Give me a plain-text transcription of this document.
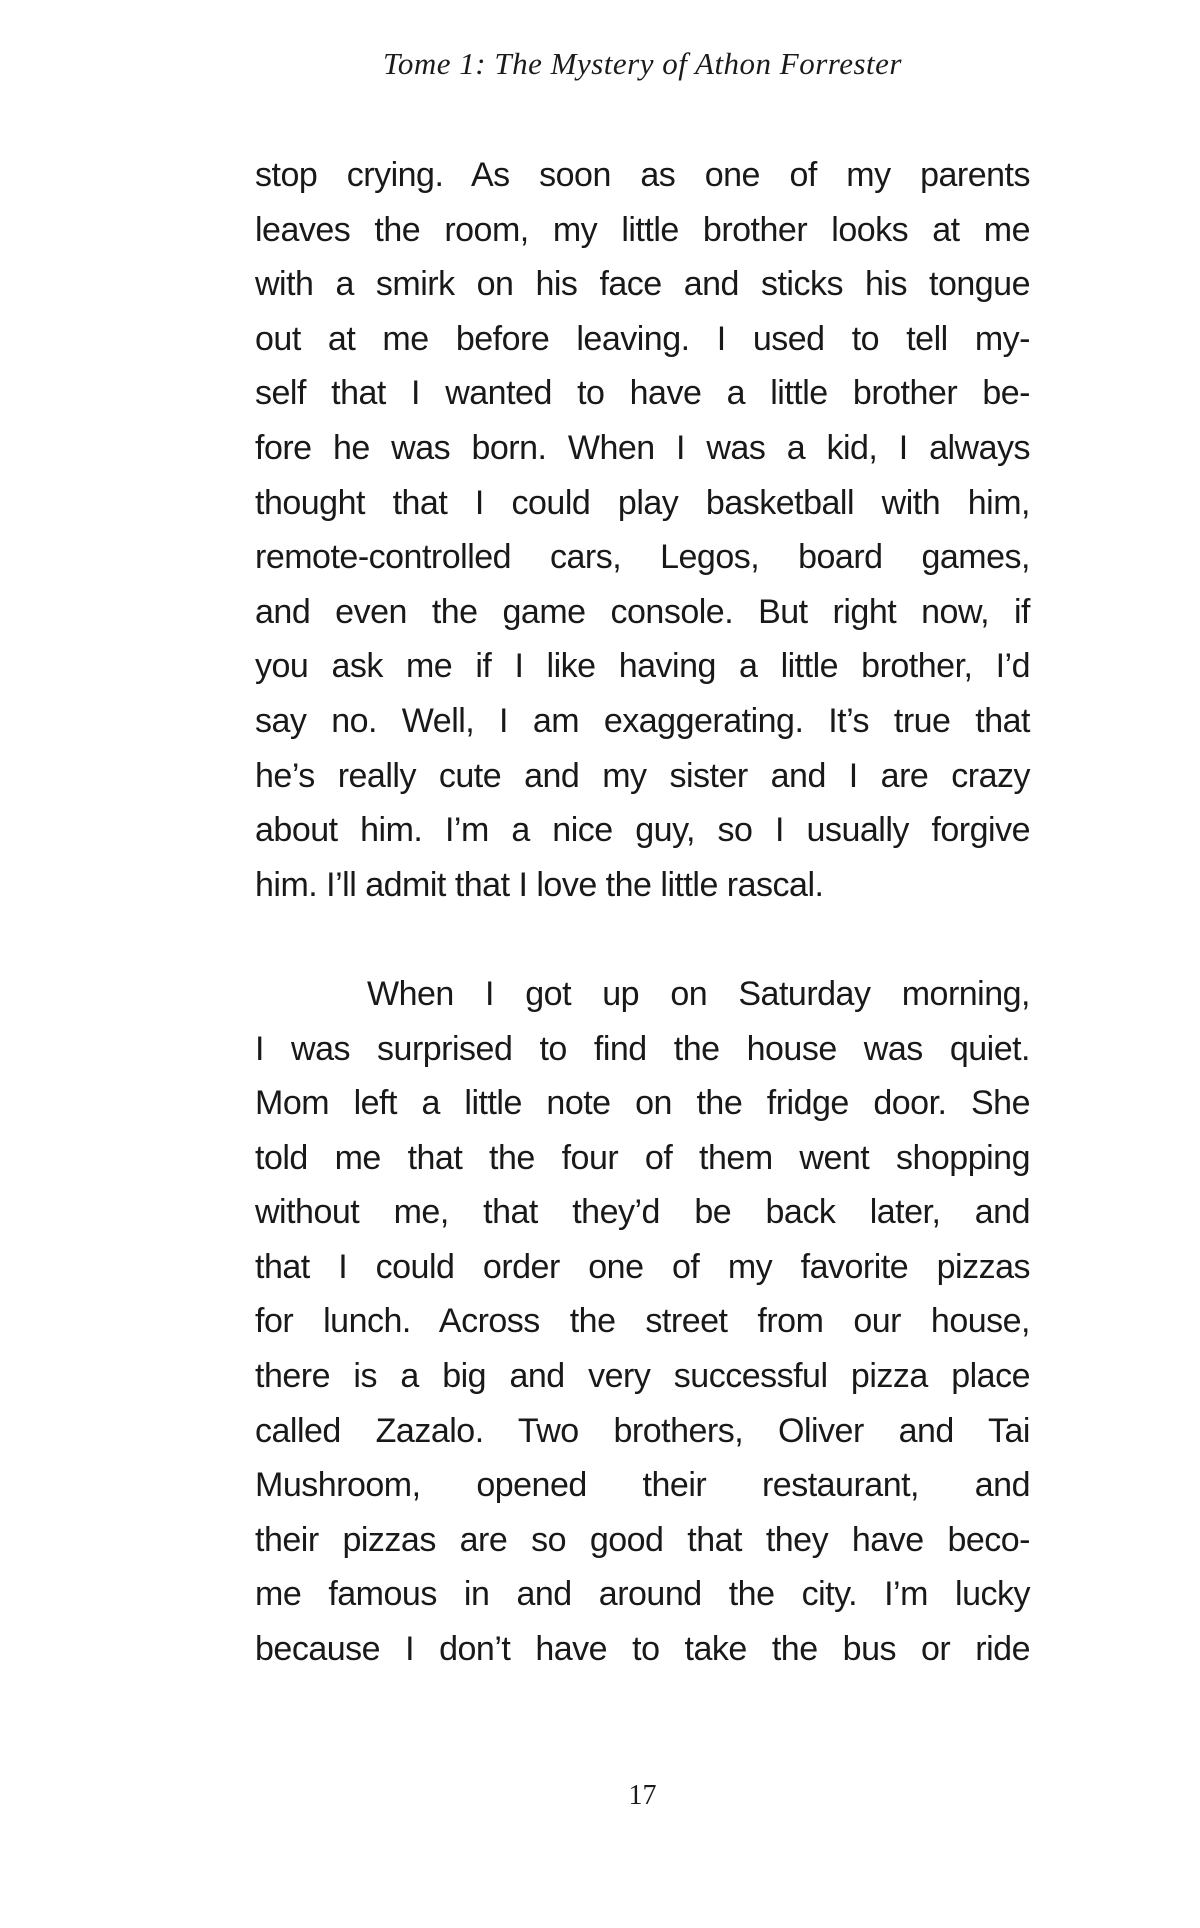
Tome 1: The Mystery of Athon Forrester
stop crying. As soon as one of my parents
leaves the room, my little brother looks at me
with a smirk on his face and sticks his tongue
out at me before leaving. I used to tell my-
self that I wanted to have a little brother be-
fore he was born. When I was a kid, I always
thought that I could play basketball with him,
remote-controlled cars, Legos, board games,
and even the game console. But right now, if
you ask me if I like having a little brother, I’d
say no. Well, I am exaggerating. It’s true that
he’s really cute and my sister and I are crazy
about him. I’m a nice guy, so I usually forgive
him. I’ll admit that I love the little rascal.
When I got up on Saturday morning,
I was surprised to find the house was quiet.
Mom left a little note on the fridge door. She
told me that the four of them went shopping
without me, that they’d be back later, and
that I could order one of my favorite pizzas
for lunch. Across the street from our house,
there is a big and very successful pizza place
called Zazalo. Two brothers, Oliver and Tai
Mushroom, opened their restaurant, and
their pizzas are so good that they have beco-
me famous in and around the city. I’m lucky
because I don’t have to take the bus or ride
17
